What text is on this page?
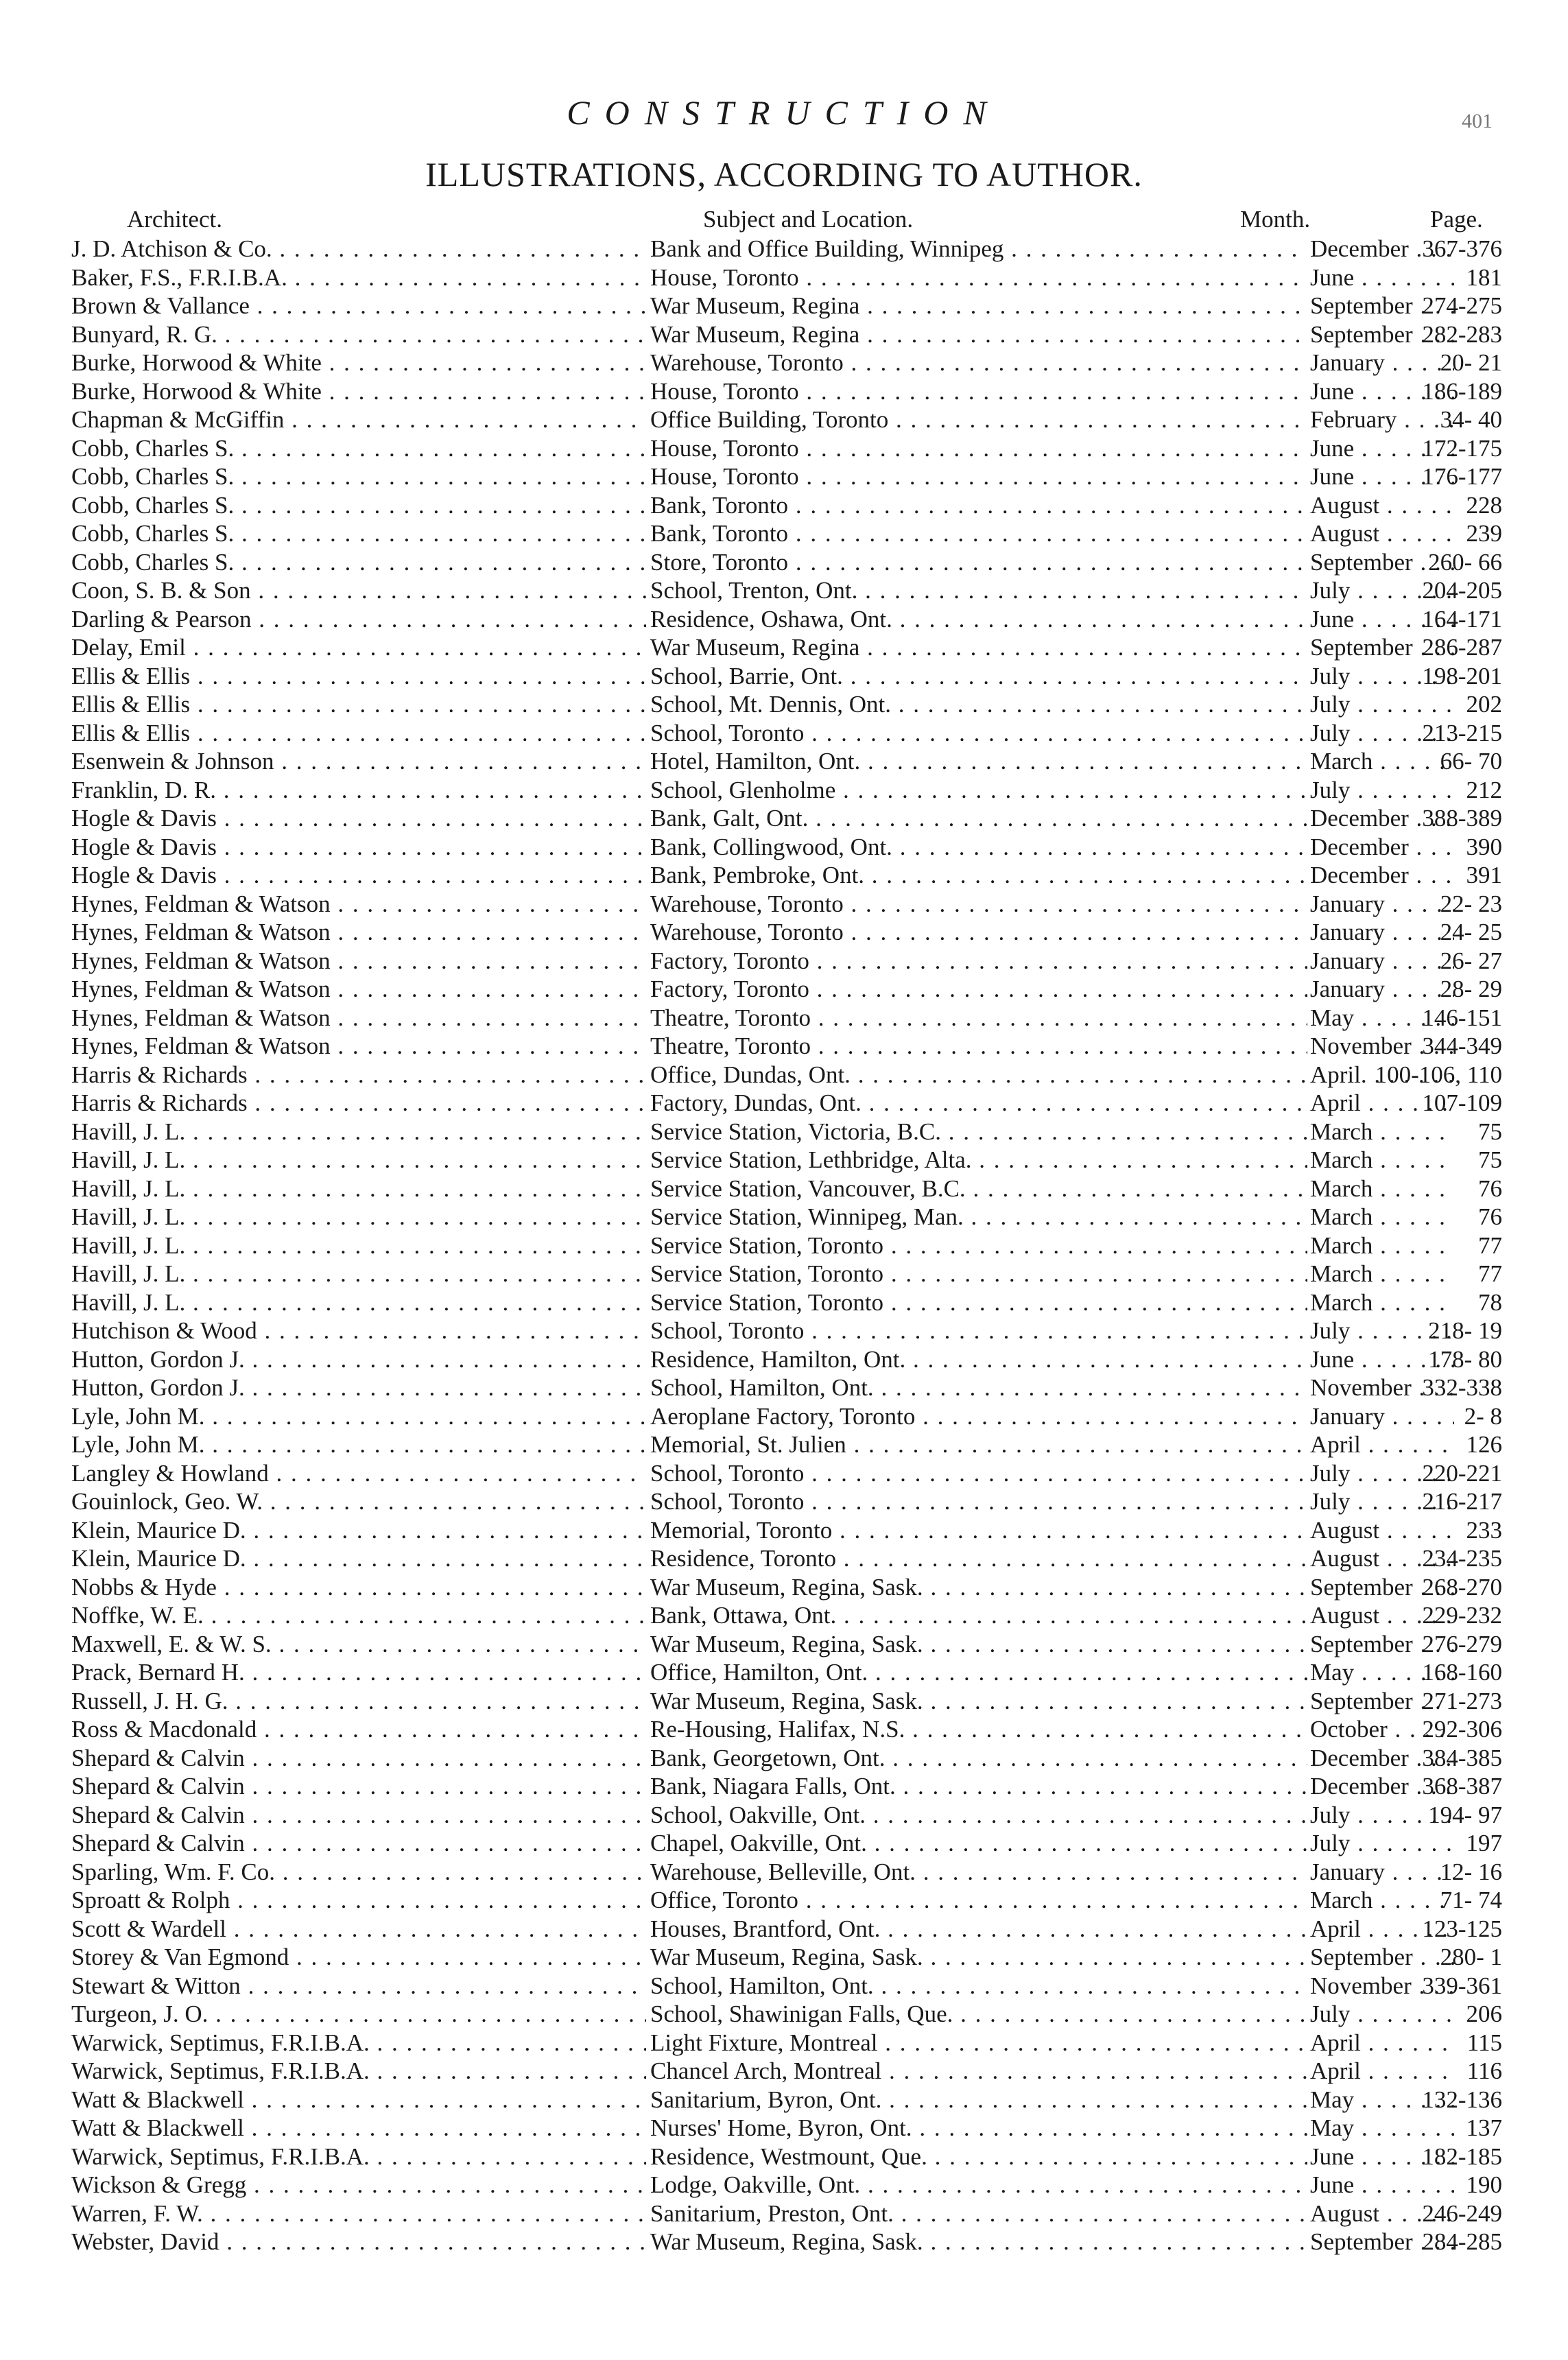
CONSTRUCTION	401
ILLUSTRATIONS, ACCORDING TO AUTHOR.
Architect.	Subject and Location.	Month.	Page.
J. D. Atchison & Co. . . .	Bank and Office Building, Winnipeg . . .	December . . . 367-376
Baker, F.S., F.R.I.B.A. . . .	House, Toronto . . .	June . . .	181
Brown & Vallance . . .	War Museum, Regina . . .	September . . . 274-275
Bunyard, R. G. . . .	War Museum, Regina . . .	September . . . 282-283
Burke, Horwood & White . . .	Warehouse, Toronto . . .	January . . .	20- 21
Burke, Horwood & White . . .	House, Toronto . . .	June . . .	186-189
Chapman & McGiffin . . .	Office Building, Toronto . . .	February . . .	34- 40
Cobb, Charles S. . . .	House, Toronto . . .	June . . .	172-175
Cobb, Charles S. . . .	House, Toronto . . .	June . . .	176-177
Cobb, Charles S. . . .	Bank, Toronto . . .	August . . .	228
Cobb, Charles S. . . .	Bank, Toronto . . .	August . . .	239
Cobb, Charles S. . . .	Store, Toronto . . .	September . . . 260- 66
Coon, S. B. & Son . . .	School, Trenton, Ont. . . .	July . . .	204-205
Darling & Pearson . . .	Residence, Oshawa, Ont. . . .	June . . .	164-171
Delay, Emil . . .	War Museum, Regina . . .	September . . . 286-287
Ellis & Ellis . . .	School, Barrie, Ont. . . .	July . . .	198-201
Ellis & Ellis . . .	School, Mt. Dennis, Ont. . . .	July . . .	202
Ellis & Ellis . . .	School, Toronto . . .	July . . .	213-215
Esenwein & Johnson . . .	Hotel, Hamilton, Ont. . . .	March . . .	66- 70
Franklin, D. R. . . .	School, Glenholme . . .	July . . .	212
Hogle & Davis . . .	Bank, Galt, Ont. . . .	December . . . 388-389
Hogle & Davis . . .	Bank, Collingwood, Ont. . . .	December . . .	390
Hogle & Davis . . .	Bank, Pembroke, Ont. . . .	December . . .	391
Hynes, Feldman & Watson . . .	Warehouse, Toronto . . .	January . . .	22- 23
Hynes, Feldman & Watson . . .	Warehouse, Toronto . . .	January . . .	24- 25
Hynes, Feldman & Watson . . .	Factory, Toronto . . .	January . . .	26- 27
Hynes, Feldman & Watson . . .	Factory, Toronto . . .	January . . .	28- 29
Hynes, Feldman & Watson . . .	Theatre, Toronto . . .	May . . .	146-151
Hynes, Feldman & Watson . . .	Theatre, Toronto . . .	November . . . 344-349
Harris & Richards . . .	Office, Dundas, Ont. . . .	April. . . . 100-106, 110
Harris & Richards . . .	Factory, Dundas, Ont. . . .	April . . .	107-109
Havill, J. L. . . .	Service Station, Victoria, B.C. . . .	March . . .	75
Havill, J. L. . . .	Service Station, Lethbridge, Alta. . . .	March . . .	75
Havill, J. L. . . .	Service Station, Vancouver, B.C. . . .	March . . .	76
Havill, J. L. . . .	Service Station, Winnipeg, Man. . . .	March . . .	76
Havill, J. L. . . .	Service Station, Toronto . . .	March . . .	77
Havill, J. L. . . .	Service Station, Toronto . . .	March . . .	77
Havill, J. L. . . .	Service Station, Toronto . . .	March . . .	78
Hutchison & Wood . . .	School, Toronto . . .	July . . .	218- 19
Hutton, Gordon J. . . .	Residence, Hamilton, Ont. . . .	June . . .	178- 80
Hutton, Gordon J. . . .	School, Hamilton, Ont. . . .	November . . . 332-338
Lyle, John M. . . .	Aeroplane Factory, Toronto . . .	January . . .	2- 8
Lyle, John M. . . .	Memorial, St. Julien . . .	April . . .	126
Langley & Howland . . .	School, Toronto . . .	July . . .	220-221
Gouinlock, Geo. W. . . .	School, Toronto . . .	July . . .	216-217
Klein, Maurice D. . . .	Memorial, Toronto . . .	August . . .	233
Klein, Maurice D. . . .	Residence, Toronto . . .	August . . .	234-235
Nobbs & Hyde . . .	War Museum, Regina, Sask. . . .	September . . . 268-270
Noffke, W. E. . . .	Bank, Ottawa, Ont. . . .	August . . .	229-232
Maxwell, E. & W. S. . . .	War Museum, Regina, Sask. . . .	September . . . 276-279
Prack, Bernard H. . . .	Office, Hamilton, Ont. . . .	May . . .	168-160
Russell, J. H. G. . . .	War Museum, Regina, Sask. . . .	September . . . 271-273
Ross & Macdonald . . .	Re-Housing, Halifax, N.S. . . .	October . . .	292-306
Shepard & Calvin . . .	Bank, Georgetown, Ont. . . .	December . . . 384-385
Shepard & Calvin . . .	Bank, Niagara Falls, Ont. . . .	December . . . 368-387
Shepard & Calvin . . .	School, Oakville, Ont. . . .	July . . .	194- 97
Shepard & Calvin . . .	Chapel, Oakville, Ont. . . .	July . . .	197
Sparling, Wm. F. Co. . . .	Warehouse, Belleville, Ont. . . .	January . . .	12- 16
Sproatt & Rolph . . .	Office, Toronto . . .	March . . .	71- 74
Scott & Wardell . . .	Houses, Brantford, Ont. . . .	April . . .	123-125
Storey & Van Egmond . . .	War Museum, Regina, Sask. . . .	September . . .	280- 1
Stewart & Witton . . .	School, Hamilton, Ont. . . .	November . . . 339-361
Turgeon, J. O. . . .	School, Shawinigan Falls, Que. . . .	July . . .	206
Warwick, Septimus, F.R.I.B.A. . . .	Light Fixture, Montreal . . .	April . . .	115
Warwick, Septimus, F.R.I.B.A. . . .	Chancel Arch, Montreal . . .	April . . .	116
Watt & Blackwell . . .	Sanitarium, Byron, Ont. . . .	May . . .	132-136
Watt & Blackwell . . .	Nurses' Home, Byron, Ont. . . .	May . . .	137
Warwick, Septimus, F.R.I.B.A. . . .	Residence, Westmount, Que. . . .	June . . .	182-185
Wickson & Gregg . . .	Lodge, Oakville, Ont. . . .	June . . .	190
Warren, F. W. . . .	Sanitarium, Preston, Ont. . . .	August . . .	246-249
Webster, David . . .	War Museum, Regina, Sask. . . .	September . . . 284-285
